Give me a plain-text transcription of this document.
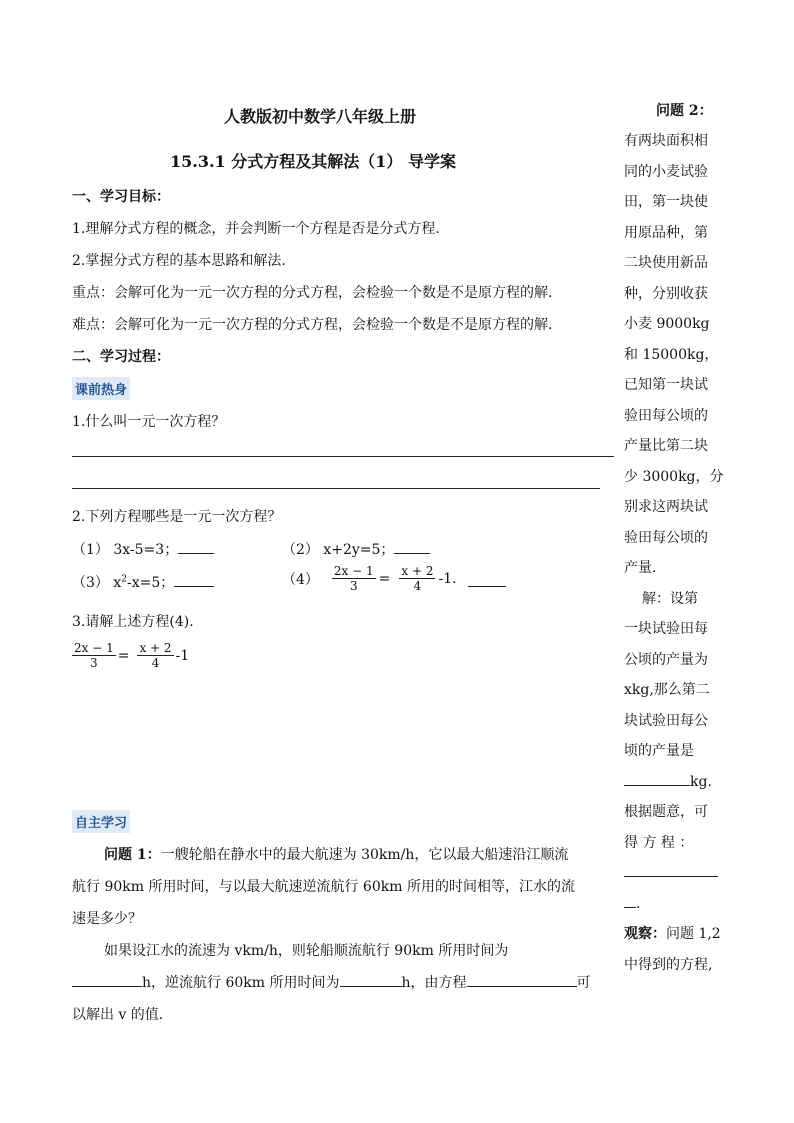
人教版初中数学八年级上册
15.3.1 分式方程及其解法（1） 导学案
一、学习目标：
1.理解分式方程的概念，并会判断一个方程是否是分式方程.
2.掌握分式方程的基本思路和解法.
重点：会解可化为一元一次方程的分式方程，会检验一个数是不是原方程的解.
难点：会解可化为一元一次方程的分式方程，会检验一个数是不是原方程的解.
二、学习过程：
课前热身
1.什么叫一元一次方程？
2.下列方程哪些是一元一次方程？
（1） 3x-5=3；	（2） x+2y=5；
（3） $x^2-x=5$；	$(4) \frac{2x - 1}{3} = \frac{x + 2}{4} -1$.
3.请解上述方程(4).
$\frac{2x - 1}{3} = \frac{x + 2}{4} -1$
自主学习
问题 1：一艘轮船在静水中的最大航速为 30km/h，它以最大船速沿江顺流
航行 90km 所用时间，与以最大航速逆流航行 60km 所用的时间相等，江水的流
速是多少？
如果设江水的流速为 vkm/h，则轮船顺流航行 90km 所用时间为
h，逆流航行 60km 所用时间为	h，由方程	可
以解出 v 的值.
问题 2：
有两块面积相
同的小麦试验
田，第一块使
用原品种，第
二块使用新品
种，分别收获
小麦 9000kg
和 15000kg，
已知第一块试
验田每公顷的
产量比第二块
少 3000kg，分
别求这两块试
验田每公顷的
产量.
解：设第
一块试验田每
公顷的产量为
xkg,那么第二
块试验田每公
顷的产量是
kg.
根据题意，可
得 方 程 ：
.
观察：问题 1,2
中得到的方程,
